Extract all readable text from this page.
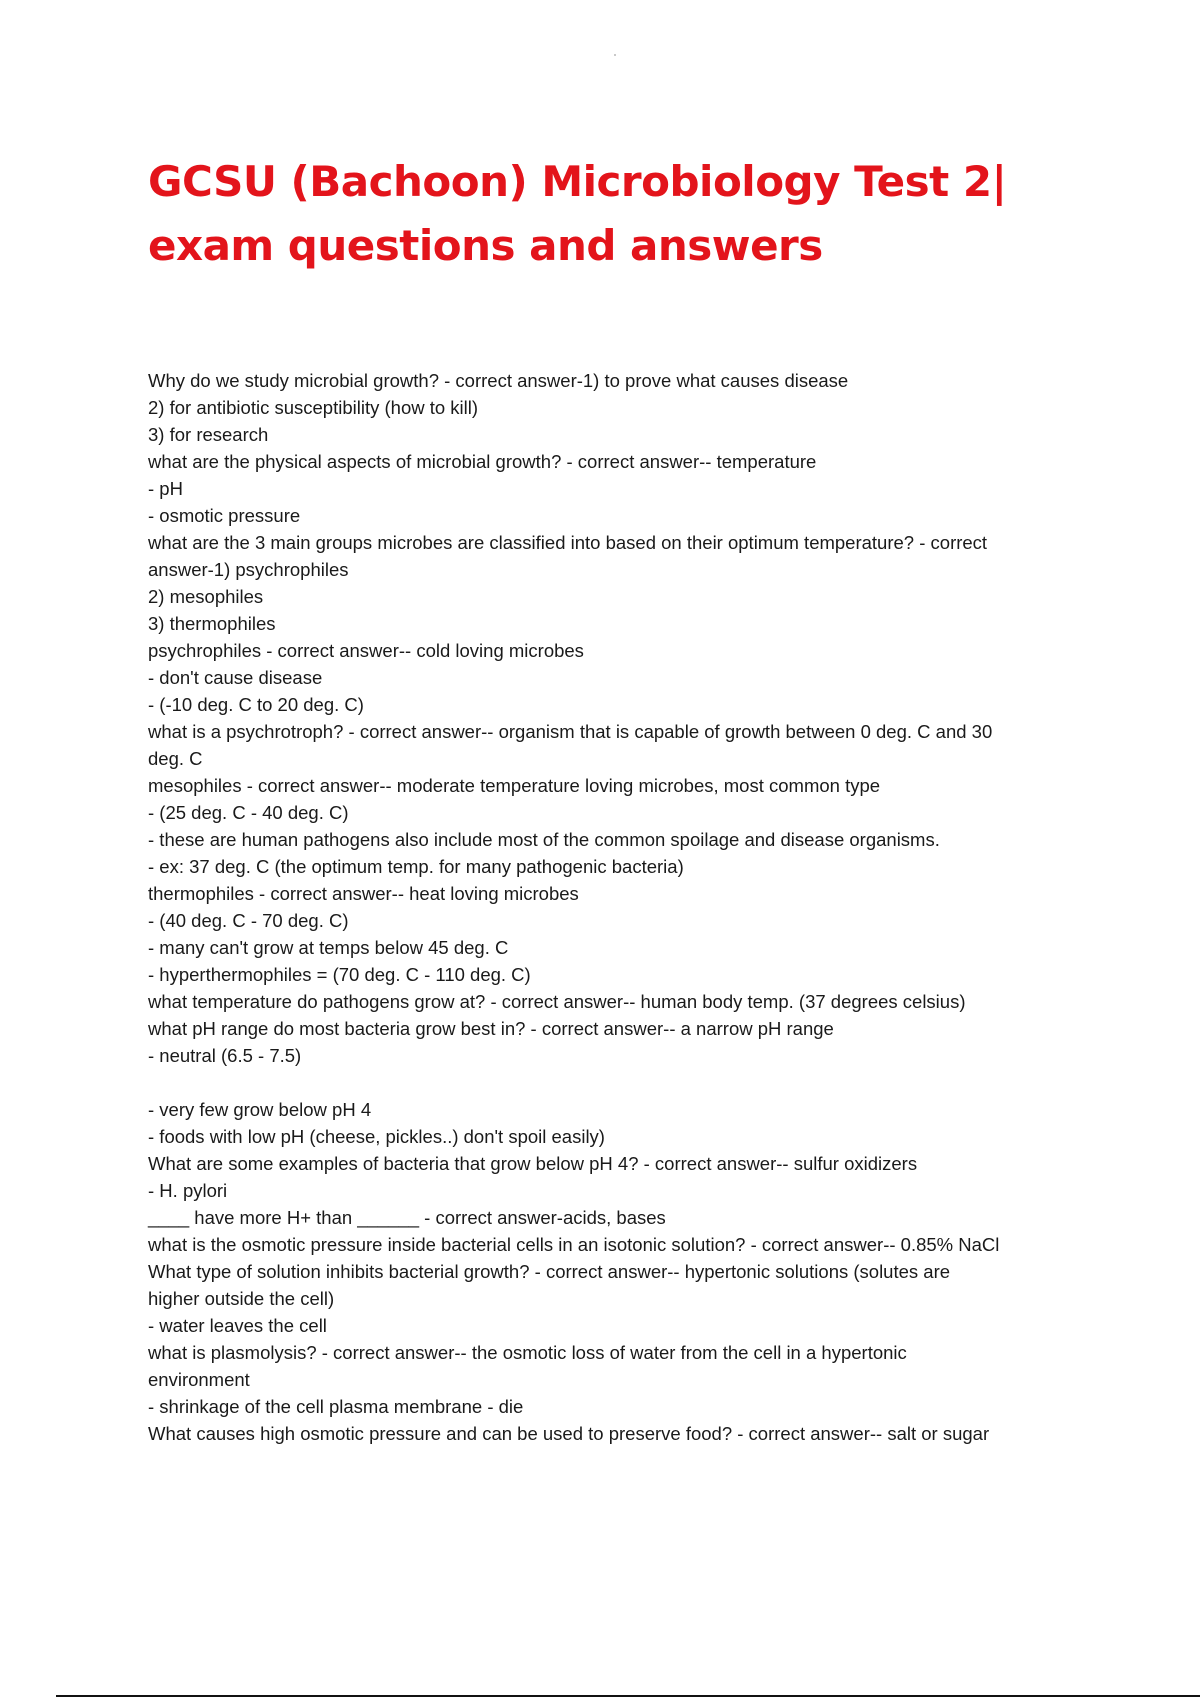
GCSU (Bachoon) Microbiology Test 2|
exam questions and answers
Why do we study microbial growth? - correct answer-1) to prove what causes disease
2) for antibiotic susceptibility (how to kill)
3) for research
what are the physical aspects of microbial growth? - correct answer-- temperature
- pH
- osmotic pressure
what are the 3 main groups microbes are classified into based on their optimum temperature? - correct
answer-1) psychrophiles
2) mesophiles
3) thermophiles
psychrophiles - correct answer-- cold loving microbes
- don't cause disease
- (-10 deg. C to 20 deg. C)
what is a psychrotroph? - correct answer-- organism that is capable of growth between 0 deg. C and 30
deg. C
mesophiles - correct answer-- moderate temperature loving microbes, most common type
- (25 deg. C - 40 deg. C)
- these are human pathogens also include most of the common spoilage and disease organisms.
- ex: 37 deg. C (the optimum temp. for many pathogenic bacteria)
thermophiles - correct answer-- heat loving microbes
- (40 deg. C - 70 deg. C)
- many can't grow at temps below 45 deg. C
- hyperthermophiles = (70 deg. C - 110 deg. C)
what temperature do pathogens grow at? - correct answer-- human body temp. (37 degrees celsius)
what pH range do most bacteria grow best in? - correct answer-- a narrow pH range
- neutral (6.5 - 7.5)
- very few grow below pH 4
- foods with low pH (cheese, pickles..) don't spoil easily)
What are some examples of bacteria that grow below pH 4? - correct answer-- sulfur oxidizers
- H. pylori
____ have more H+ than ______ - correct answer-acids, bases
what is the osmotic pressure inside bacterial cells in an isotonic solution? - correct answer-- 0.85% NaCl
What type of solution inhibits bacterial growth? - correct answer-- hypertonic solutions (solutes are
higher outside the cell)
- water leaves the cell
what is plasmolysis? - correct answer-- the osmotic loss of water from the cell in a hypertonic
environment
- shrinkage of the cell plasma membrane - die
What causes high osmotic pressure and can be used to preserve food? - correct answer-- salt or sugar
